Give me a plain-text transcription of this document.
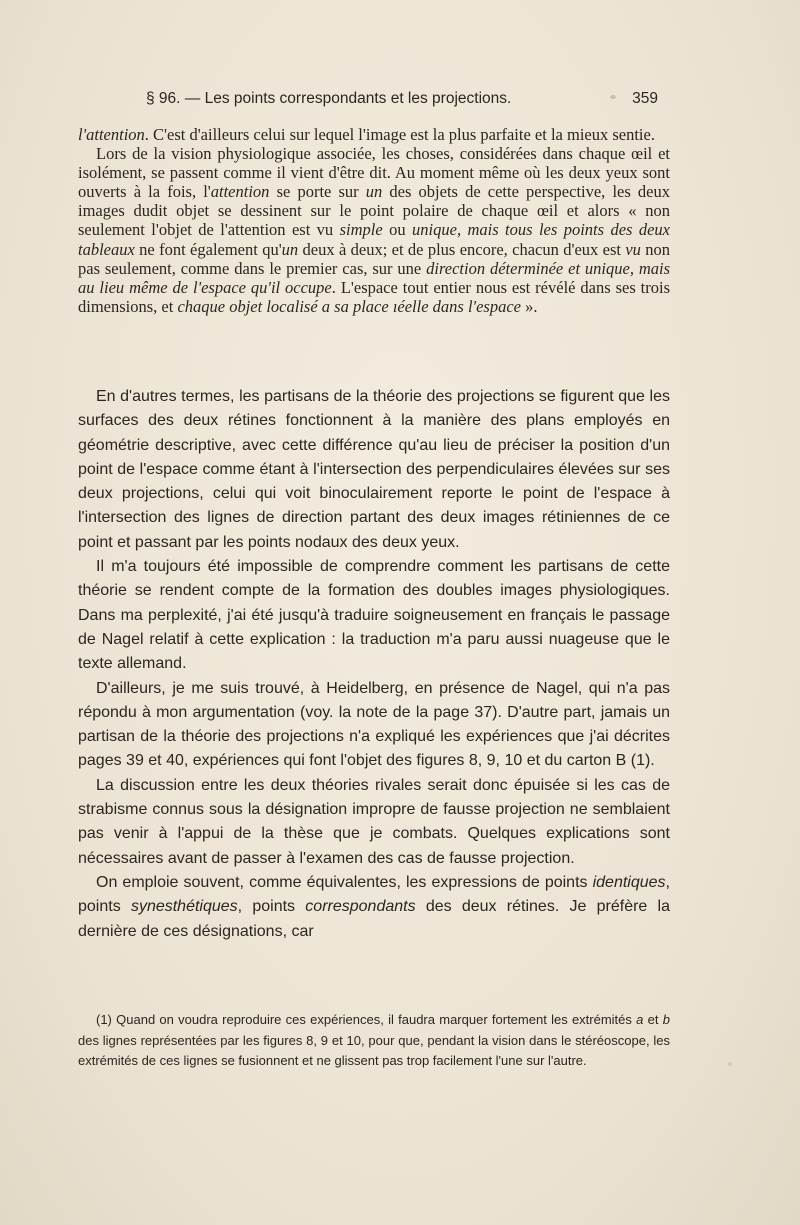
§ 96. — Les points correspondants et les projections.	359

l'attention. C'est d'ailleurs celui sur lequel l'image est la plus parfaite et la mieux sentie.

Lors de la vision physiologique associée, les choses, considérées dans chaque œil et isolément, se passent comme il vient d'être dit. Au moment même où les deux yeux sont ouverts à la fois, l'attention se porte sur un des objets de cette perspective, les deux images dudit objet se dessinent sur le point polaire de chaque œil et alors « non seulement l'objet de l'attention est vu simple ou unique, mais tous les points des deux tableaux ne font également qu'un deux à deux; et de plus encore, chacun d'eux est vu non pas seulement, comme dans le premier cas, sur une direction déterminée et unique, mais au lieu même de l'espace qu'il occupe. L'espace tout entier nous est révélé dans ses trois dimensions, et chaque objet localisé a sa place ıéelle dans l'espace ».

En d'autres termes, les partisans de la théorie des projections se figurent que les surfaces des deux rétines fonctionnent à la manière des plans employés en géométrie descriptive, avec cette différence qu'au lieu de préciser la position d'un point de l'espace comme étant à l'intersection des perpendiculaires élevées sur ses deux projections, celui qui voit binoculairement reporte le point de l'espace à l'intersection des lignes de direction partant des deux images rétiniennes de ce point et passant par les points nodaux des deux yeux.

Il m'a toujours été impossible de comprendre comment les partisans de cette théorie se rendent compte de la formation des doubles images physiologiques. Dans ma perplexité, j'ai été jusqu'à traduire soigneusement en français le passage de Nagel relatif à cette explication : la traduction m'a paru aussi nuageuse que le texte allemand.

D'ailleurs, je me suis trouvé, à Heidelberg, en présence de Nagel, qui n'a pas répondu à mon argumentation (voy. la note de la page 37). D'autre part, jamais un partisan de la théorie des projections n'a expliqué les expériences que j'ai décrites pages 39 et 40, expériences qui font l'objet des figures 8, 9, 10 et du carton B (1).

La discussion entre les deux théories rivales serait donc épuisée si les cas de strabisme connus sous la désignation impropre de fausse projection ne semblaient pas venir à l'appui de la thèse que je combats. Quelques explications sont nécessaires avant de passer à l'examen des cas de fausse projection.

On emploie souvent, comme équivalentes, les expressions de points identiques, points synesthétiques, points correspondants des deux rétines. Je préfère la dernière de ces désignations, car

(1) Quand on voudra reproduire ces expériences, il faudra marquer fortement les extrémités a et b des lignes représentées par les figures 8, 9 et 10, pour que, pendant la vision dans le stéréoscope, les extrémités de ces lignes se fusionnent et ne glissent pas trop facilement l'une sur l'autre.
